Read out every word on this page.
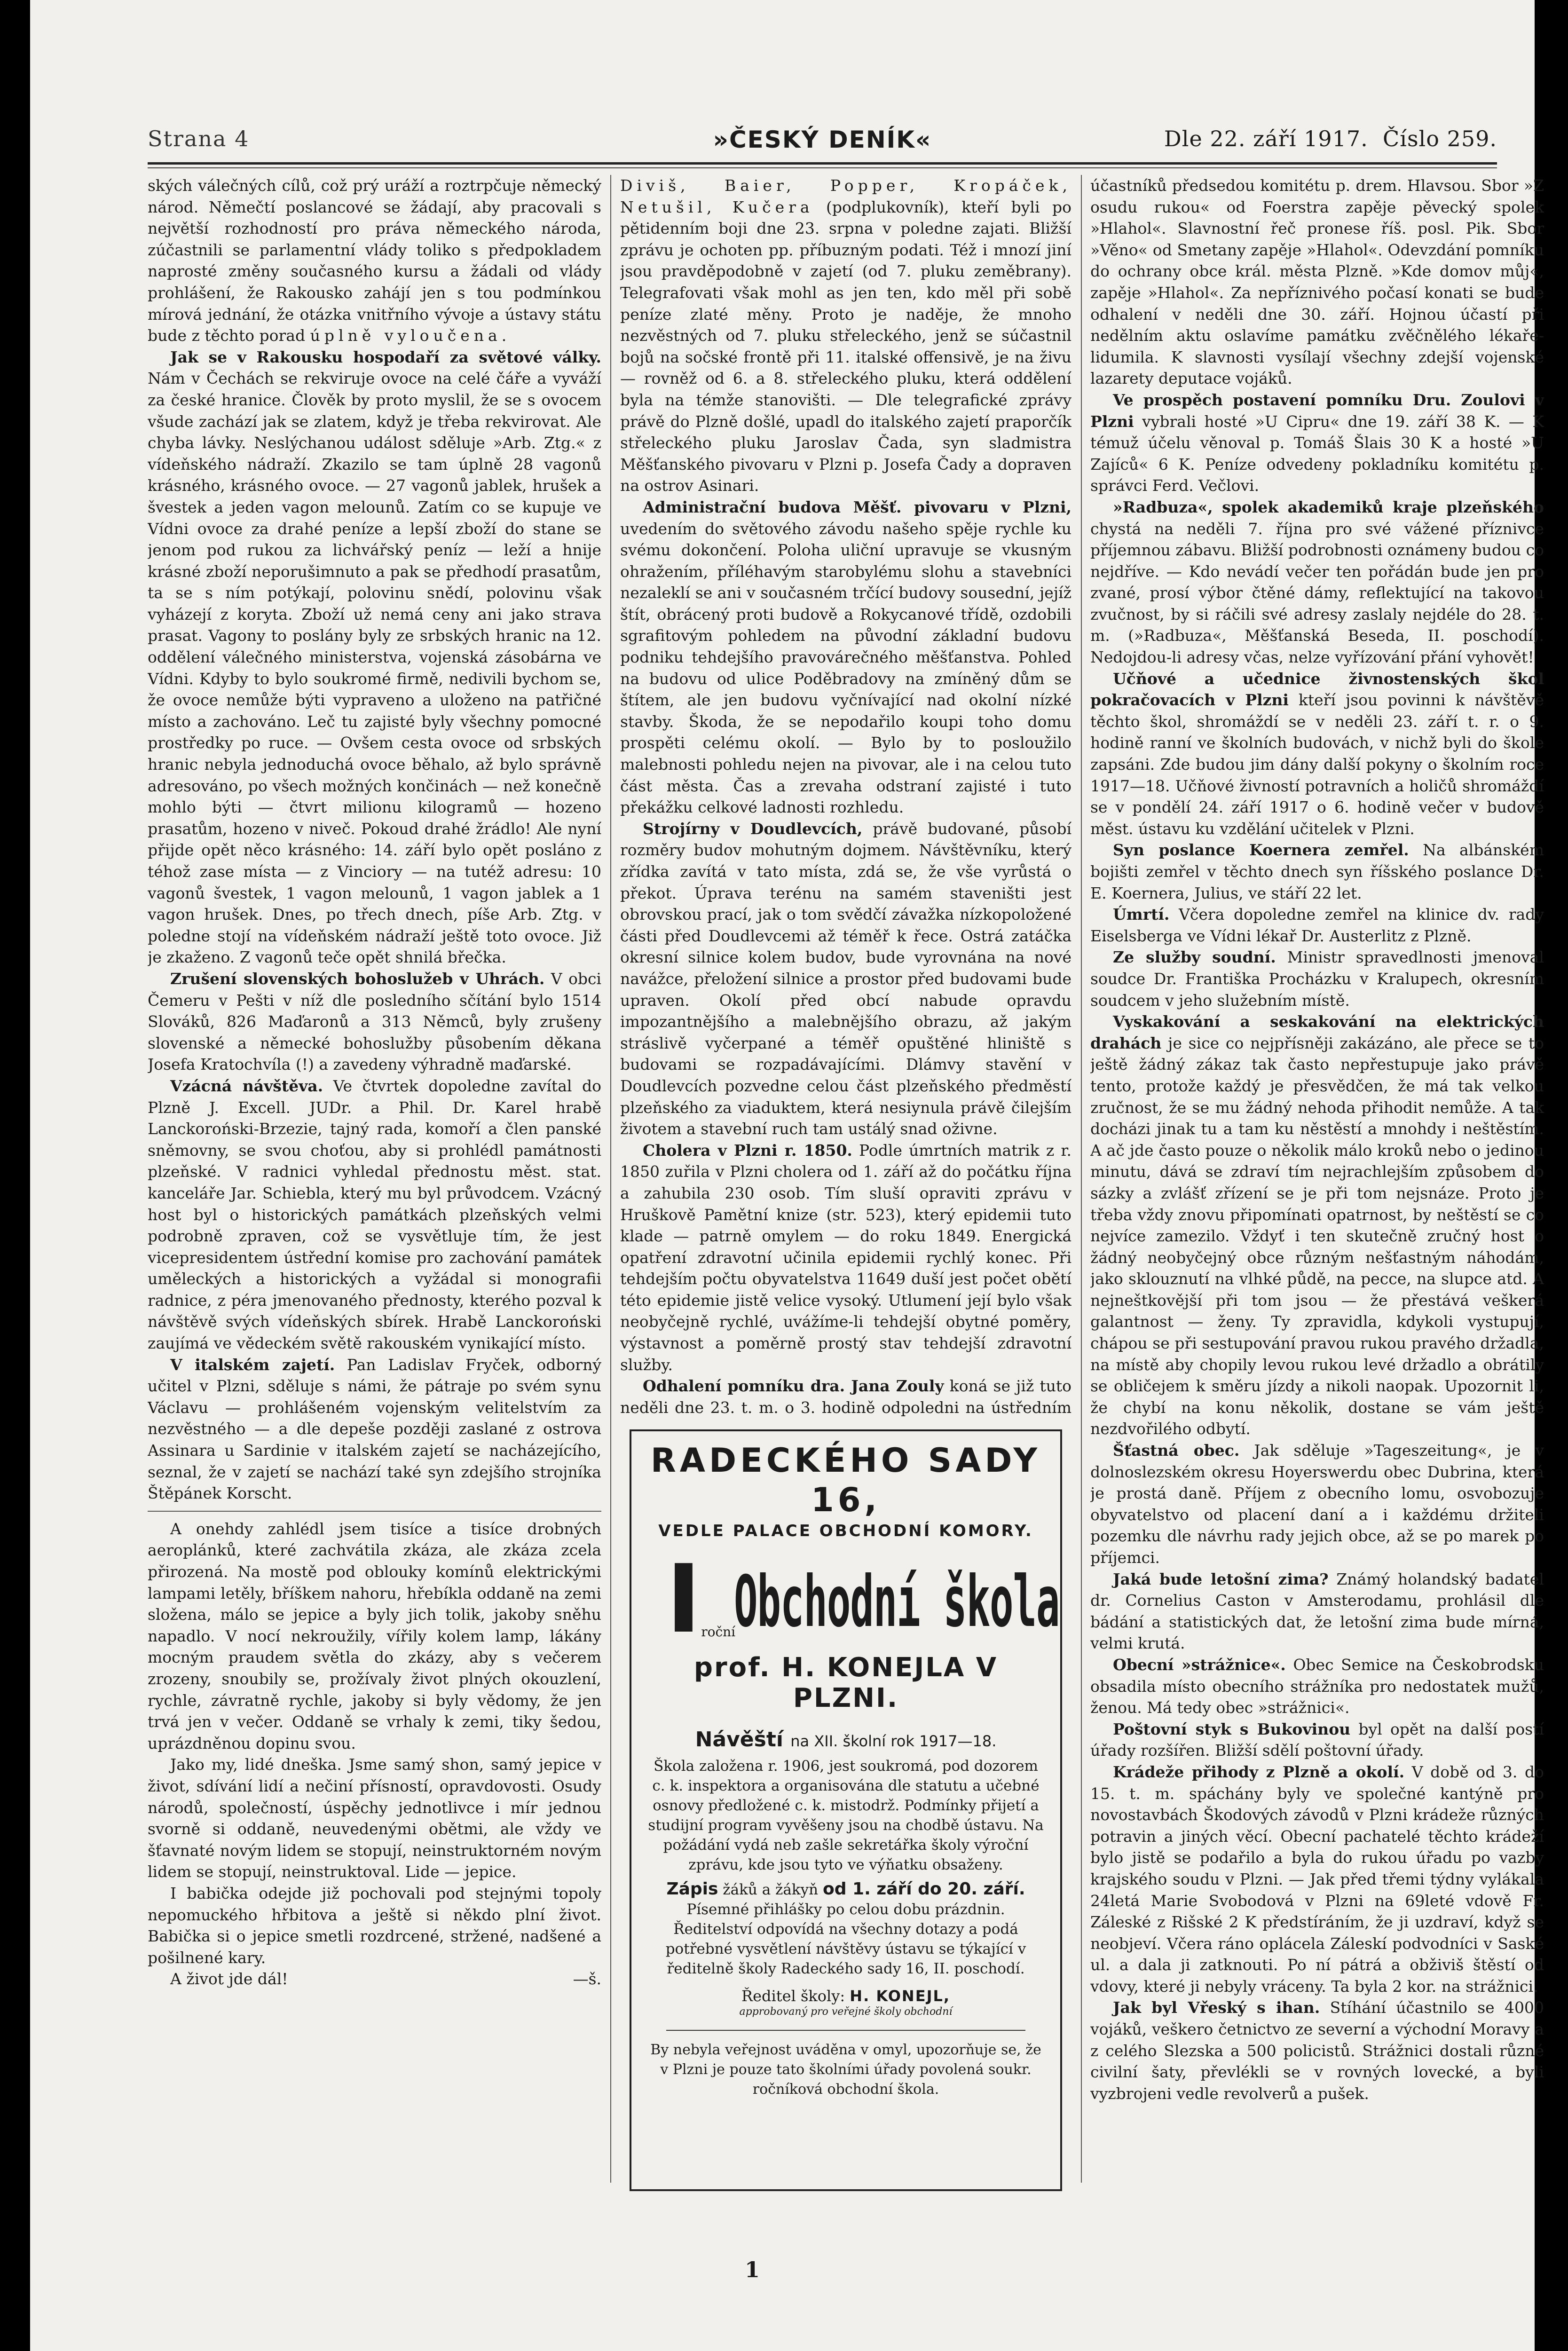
Strana 4	»ČESKÝ DENÍK«	Dle 22. září 1917. Číslo 259.

ských válečných cílů, což prý uráží a roztrpčuje německý národ. Němečtí poslancové se žádají, aby pracovali s největší rozhodností pro práva německého národa, zúčastnili se parlamentní vlády toliko s předpokladem naprosté změny současného kursu a žádali od vlády prohlášení, že Rakousko zahájí jen s tou podmínkou mírová jednání, že otázka vnitřního vývoje a ústavy státu bude z těchto porad úplně vyloučena.

Jak se v Rakousku hospodaří za světové války. Nám v Čechách se rekviruje ovoce na celé čáře a vyváží za české hranice. Člověk by proto myslil, že se s ovocem všude zachází jak se zlatem, když je třeba rekvirovat. Ale chyba lávky. Neslýchanou událost sděluje »Arb. Ztg.« z vídeňského nádraží. Zkazilo se tam úplně 28 vagonů krásného, krásného ovoce. — 27 vagonů jablek, hrušek a švestek a jeden vagon melounů. Zatím co se kupuje ve Vídni ovoce za drahé peníze a lepší zboží do stane se jenom pod rukou za lichvářský peníz — leží a hnije krásné zboží neporušimnuto a pak se předhodí prasatům, ta se s ním potýkají, polovinu snědí, polovinu však vyházejí z koryta. Zboží už nemá ceny ani jako strava prasat. Vagony to poslány byly ze srbských hranic na 12. oddělení válečného ministerstva, vojenská zásobárna ve Vídni. Kdyby to bylo soukromé firmě, nedivili bychom se, že ovoce nemůže býti vypraveno a uloženo na patřičné místo a zachováno. Leč tu zajisté byly všechny pomocné prostředky po ruce. — Ovšem cesta ovoce od srbských hranic nebyla jednoduchá ovoce běhalo, až bylo správně adresováno, po všech možných končinách — než konečně mohlo býti — čtvrt milionu kilogramů — hozeno prasatům, hozeno v niveč. Pokoud drahé žrádlo! Ale nyní přijde opět něco krásného: 14. září bylo opět posláno z téhož zase místa — z Vinciory — na tutéž adresu: 10 vagonů švestek, 1 vagon melounů, 1 vagon jablek a 1 vagon hrušek. Dnes, po třech dnech, píše Arb. Ztg. v poledne stojí na vídeňském nádraží ještě toto ovoce. Již je zkaženo. Z vagonů teče opět shnilá břečka.

Zrušení slovenských bohoslužeb v Uhrách. V obci Čemeru v Pešti v níž dle posledního sčítání bylo 1514 Slováků, 826 Maďaronů a 313 Němců, byly zrušeny slovenské a německé bohoslužby působením děkana Josefa Kratochvíla (!) a zavedeny výhradně maďarské.

Vzácná návštěva. Ve čtvrtek dopoledne zavítal do Plzně J. Excell. JUDr. a Phil. Dr. Karel hrabě Lanckoroński-Brzezie, tajný rada, komoří a člen panské sněmovny, se svou choťou, aby si prohlédl památnosti plzeňské. V radnici vyhledal přednostu měst. stat. kanceláře Jar. Schiebla, který mu byl průvodcem. Vzácný host byl o historických památkách plzeňských velmi podrobně zpraven, což se vysvětluje tím, že jest vicepresidentem ústřední komise pro zachování památek uměleckých a historických a vyžádal si monografii radnice, z péra jmenovaného přednosty, kterého pozval k návštěvě svých vídeňských sbírek. Hrabě Lanckoroński zaujímá ve vědeckém světě rakouském vynikající místo.

V italském zajetí. Pan Ladislav Fryček, odborný učitel v Plzni, sděluje s námi, že pátraje po svém synu Václavu — prohlášeném vojenským velitelstvím za nezvěstného — a dle depeše později zaslané z ostrova Assinara u Sardinie v italském zajetí se nacházejícího, seznal, že v zajetí se nachází také syn zdejšího strojníka Štěpánek Korscht.

A onehdy zahlédl jsem tisíce a tisíce drobných aeroplánků, které zachvátila zkáza, ale zkáza zcela přirozená. Na mostě pod oblouky komínů elektrickými lampami letěly, bříškem nahoru, hřebíkla oddaně na zemi složena, málo se jepice a byly jich tolik, jakoby sněhu napadlo. V nocí nekroužily, vířily kolem lamp, lákány mocným praudem světla do zkázy, aby s večerem zrozeny, snoubily se, prožívaly život plných okouzlení, rychle, závratně rychle, jakoby si byly vědomy, že jen trvá jen v večer. Oddaně se vrhaly k zemi, tiky šedou, uprázdněnou dopinu svou.

Jako my, lidé dneška. Jsme samý shon, samý jepice v život, sdívání lidí a nečiní přísností, opravdovosti. Osudy národů, společností, úspěchy jednotlivce i mír jednou svorně si oddaně, neuvedenými obětmi, ale vždy ve šťavnaté novým lidem se stopují, neinstruktorném novým lidem se stopují, neinstruktoval. Lide — jepice.

I babička odejde již pochovali pod stejnými topoly nepomuckého hřbitova a ještě si někdo plní život. Babička si o jepice smetli rozdrcené, stržené, nadšené a pošilnené kary.

A život jde dál!	—š.

Diviš, Baier, Popper, Kropáček, Netušil, Kučera (podplukovník), kteří byli po pětidenním boji dne 23. srpna v poledne zajati. Bližší zprávu je ochoten pp. příbuzným podati. Též i mnozí jiní jsou pravděpodobně v zajetí (od 7. pluku zeměbrany). Telegrafovati však mohl as jen ten, kdo měl při sobě peníze zlaté měny. Proto je naděje, že mnoho nezvěstných od 7. pluku střeleckého, jenž se súčastnil bojů na sočské frontě při 11. italské offensivě, je na živu — rovněž od 6. a 8. střeleckého pluku, která oddělení byla na témže stanovišti. — Dle telegrafické zprávy právě do Plzně došlé, upadl do italského zajetí praporčík střeleckého pluku Jaroslav Čada, syn sladmistra Měšťanského pivovaru v Plzni p. Josefa Čady a dopraven na ostrov Asinari.

Administrační budova Měšť. pivovaru v Plzni, uvedením do světového závodu našeho spěje rychle ku svému dokončení. Poloha uliční upravuje se vkusným ohražením, příléhavým starobylému slohu a stavebníci nezaleklí se ani v současném trčící budovy sousední, jejíž štít, obrácený proti budově a Rokycanové třídě, ozdobili sgrafitovým pohledem na původní základní budovu podniku tehdejšího pravovárečného měšťanstva. Pohled na budovu od ulice Poděbradovy na zmíněný dům se štítem, ale jen budovu vyčnívající nad okolní nízké stavby. Škoda, že se nepodařilo koupi toho domu prospěti celému okolí. — Bylo by to posloužilo malebnosti pohledu nejen na pivovar, ale i na celou tuto část města. Čas a zrevaha odstraní zajisté i tuto překážku celkové ladnosti rozhledu.

Strojírny v Doudlevcích, právě budované, působí rozměry budov mohutným dojmem. Návštěvníku, který zřídka zavítá v tato místa, zdá se, že vše vyrůstá o překot. Úprava terénu na samém staveništi jest obrovskou prací, jak o tom svědčí závažka nízkopoložené části před Doudlevcemi až téměř k řece. Ostrá zatáčka okresní silnice kolem budov, bude vyrovnána na nové navážce, přeložení silnice a prostor před budovami bude upraven. Okolí před obcí nabude opravdu impozantnějšího a malebnějšího obrazu, až jakým stráslivě vyčerpané a téměř opuštěné hliniště s budovami se rozpadávajícími. Dlámvy stavění v Doudlevcích pozvedne celou část plzeňského předměstí plzeňského za viaduktem, která nesiynula právě čilejším životem a stavební ruch tam ustálý snad oživne.

Cholera v Plzni r. 1850. Podle úmrtních matrik z r. 1850 zuřila v Plzni cholera od 1. září až do počátku října a zahubila 230 osob. Tím sluší opraviti zprávu v Hruškově Pamětní knize (str. 523), který epidemii tuto klade — patrně omylem — do roku 1849. Energická opatření zdravotní učinila epidemii rychlý konec. Při tehdejším počtu obyvatelstva 11649 duší jest počet obětí této epidemie jistě velice vysoký. Utlumení její bylo však neobyčejně rychlé, uvážíme-li tehdejší obytné poměry, výstavnost a poměrně prostý stav tehdejší zdravotní služby.

Odhalení pomníku dra. Jana Zouly koná se již tuto neděli dne 23. t. m. o 3. hodině odpoledni na ústředním

RADECKÉHO SADY 16,
VEDLE PALACE OBCHODNÍ KOMORY.
I roční
Obchodní škola
prof. H. KONEJLA V PLZNI.
Návěští na XII. školní rok 1917—18.
Škola založena r. 1906, jest soukromá, pod dozorem c. k. inspektora a organisována dle statutu a učebné osnovy předložené c. k. mistodrž. Podmínky přijetí a studijní program vyvěšeny jsou na chodbě ústavu. Na požádání vydá neb zašle sekretářka školy výroční zprávu, kde jsou tyto ve výňatku obsaženy.
Zápis žáků a žákyň od 1. září do 20. září. Písemné přihlášky po celou dobu prázdnin. Ředitelství odpovídá na všechny dotazy a podá potřebné vysvětlení návštěvy ústavu se týkající v ředitelně školy Radeckého sady 16, II. poschodí.
Ředitel školy: H. KONEJL,
approbovaný pro veřejné školy obchodní
By nebyla veřejnost uváděna v omyl, upozorňuje se, že v Plzni je pouze tato školními úřady povolená soukr. ročníková obchodní škola.

účastníků předsedou komitétu p. drem. Hlavsou. Sbor »Z osudu rukou« od Foerstra zapěje pěvecký spolek »Hlahol«. Slavnostní řeč pronese říš. posl. Pik. Sbor »Věno« od Smetany zapěje »Hlahol«. Odevzdání pomníku do ochrany obce král. města Plzně. »Kde domov můj«, zapěje »Hlahol«. Za nepříznivého počasí konati se bude odhalení v neděli dne 30. září. Hojnou účastí při nedělním aktu oslavíme památku zvěčnělého lékaře-lidumila. K slavnosti vysílají všechny zdejší vojenské lazarety deputace vojáků.

Ve prospěch postavení pomníku Dru. Zoulovi v Plzni vybrali hosté »U Cipru« dne 19. září 38 K. — K témuž účelu věnoval p. Tomáš Šlais 30 K a hosté »U Zajíců« 6 K. Peníze odvedeny pokladníku komitétu p. správci Ferd. Večlovi.

»Radbuza«, spolek akademiků kraje plzeňského chystá na neděli 7. října pro své vážené příznivce příjemnou zábavu. Bližší podrobnosti oznámeny budou co nejdříve. — Kdo nevádí večer ten pořádán bude jen pro zvané, prosí výbor čtěné dámy, reflektující na takovou zvučnost, by si ráčili své adresy zaslaly nejdéle do 28. t. m. (»Radbuza«, Měšťanská Beseda, II. poschodí). Nedojdou-li adresy včas, nelze vyřízování přání vyhovět!

Učňové a učednice živnostenských škol pokračovacích v Plzni kteří jsou povinni k návštěvě těchto škol, shromáždí se v neděli 23. září t. r. o 9. hodině ranní ve školních budovách, v nichž byli do škole zapsáni. Zde budou jim dány další pokyny o školním roce 1917—18. Učňové živností potravních a holičů shromáždí se v pondělí 24. září 1917 o 6. hodině večer v budově měst. ústavu ku vzdělání učitelek v Plzni.

Syn poslance Koernera zemřel. Na albánském bojišti zemřel v těchto dnech syn říšského poslance Dr. E. Koernera, Julius, ve stáří 22 let.

Úmrtí. Včera dopoledne zemřel na klinice dv. rady Eiselsberga ve Vídni lékař Dr. Austerlitz z Plzně.

Ze služby soudní. Ministr spravedlnosti jmenoval soudce Dr. Františka Procházku v Kralupech, okresním soudcem v jeho služebním místě.

Vyskakování a seskakování na elektrických drahách je sice co nejpřísněji zakázáno, ale přece se to ještě žádný zákaz tak často nepřestupuje jako právě tento, protože každý je přesvědčen, že má tak velkou zručnost, že se mu žádný nehoda přihodit nemůže. A tak docházi jinak tu a tam ku něstěstí a mnohdy i neštěstím. A ač jde často pouze o několik málo kroků nebo o jedinou minutu, dává se zdraví tím nejrachlejším způsobem do sázky a zvlášť zřízení se je při tom nejsnáze. Proto je třeba vždy znovu připomínati opatrnost, by neštěstí se co nejvíce zamezilo. Vždyť i ten skutečně zručný host o žádný neobyčejný obce různým nešťastným náhodám, jako sklouznutí na vlhké půdě, na pecce, na slupce atd. A nejneštkovější při tom jsou — že přestává veškerá galantnost — ženy. Ty zpravidla, kdykoli vystupují, chápou se při sestupování pravou rukou pravého držadla, na místě aby chopily levou rukou levé držadlo a obrátily se obličejem k směru jízdy a nikoli naopak. Upozornit li, že chybí na konu několik, dostane se vám ještě nezdvořilého odbytí.

Šťastná obec. Jak sděluje »Tageszeitung«, je v dolnoslezském okresu Hoyerswerdu obec Dubrina, která je prostá daně. Příjem z obecního lomu, osvobozuje obyvatelstvo od placení daní a i každému držiteli pozemku dle návrhu rady jejich obce, až se po marek po příjemci.

Jaká bude letošní zima? Známý holandský badatel dr. Cornelius Caston v Amsterodamu, prohlásil dle bádání a statistických dat, že letošní zima bude mírná, velmi krutá.

Obecní »strážnice«. Obec Semice na Českobrodsku obsadila místo obecního strážníka pro nedostatek mužů, ženou. Má tedy obec »strážnici«.

Poštovní styk s Bukovinou byl opět na další postí úřady rozšířen. Bližší sdělí poštovní úřady.

Krádeže přihody z Plzně a okolí. V době od 3. do 15. t. m. spáchány byly ve společné kantýně pro novostavbách Škodových závodů v Plzni krádeže různých potravin a jiných věcí. Obecní pachatelé těchto krádeží bylo jistě se podařilo a byla do rukou úřadu po vazby krajského soudu v Plzni. — Jak před třemi týdny vylákala 24letá Marie Svobodová v Plzni na 69leté vdově Fr. Záleské z Rišské 2 K předstíráním, že ji uzdraví, když se neobjeví. Včera ráno oplácela Záleskí podvodníci v Saské ul. a dala ji zatknouti. Po ní pátrá a obživiš štěstí od vdovy, které ji nebyly vráceny. Ta byla 2 kor. na strážnici.

Jak byl Vřeský s ihan. Stíhání účastnilo se 4000 vojáků, veškero četnictvo ze severní a východní Moravy a z celého Slezska a 500 policistů. Strážnici dostali různé civilní šaty, převlékli se v rovných lovecké, a byli vyzbrojeni vedle revolverů a pušek.

1
